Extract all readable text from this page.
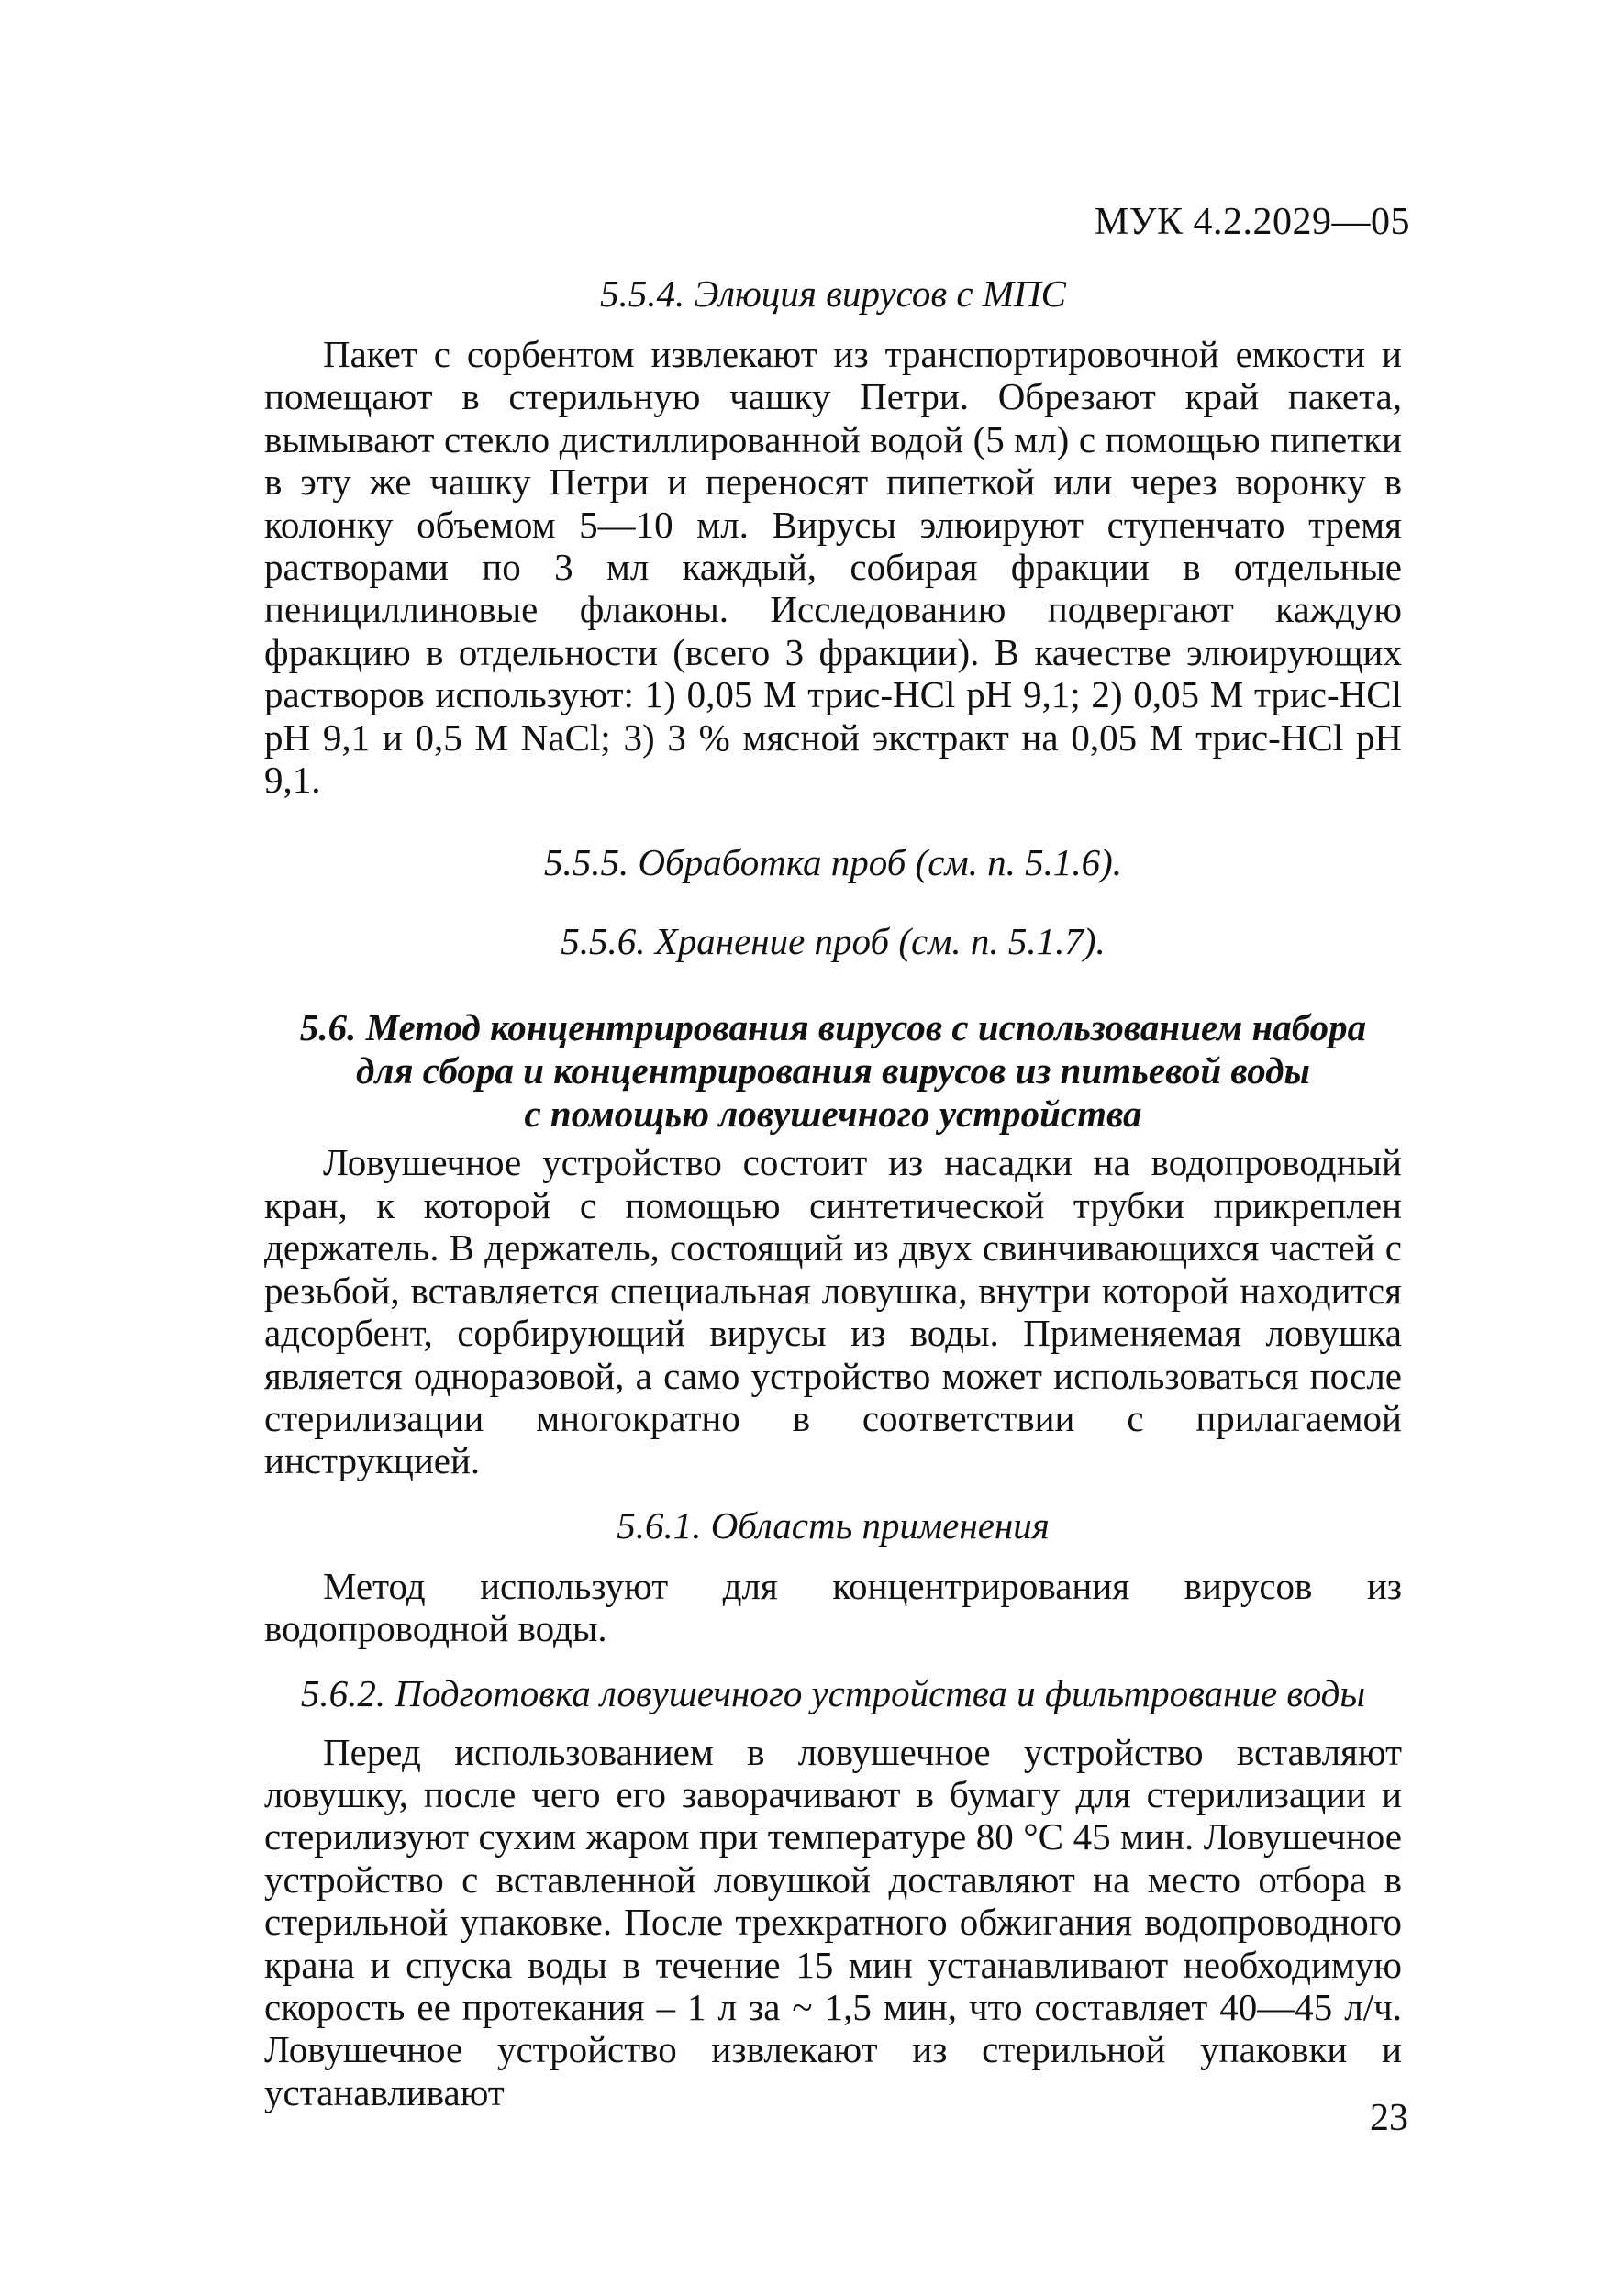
МУК 4.2.2029—05

5.5.4. Элюция вирусов с МПС

Пакет с сорбентом извлекают из транспортировочной емкости и помещают в стерильную чашку Петри. Обрезают край пакета, вымывают стекло дистиллированной водой (5 мл) с помощью пипетки в эту же чашку Петри и переносят пипеткой или через воронку в колонку объемом 5—10 мл. Вирусы элюируют ступенчато тремя растворами по 3 мл каждый, собирая фракции в отдельные пенициллиновые флаконы. Исследованию подвергают каждую фракцию в отдельности (всего 3 фракции). В качестве элюирующих растворов используют: 1) 0,05 М трис-HCl pH 9,1; 2) 0,05 М трис-HCl pH 9,1 и 0,5 М NaCl; 3) 3 % мясной экстракт на 0,05 М трис-HCl pH 9,1.

5.5.5. Обработка проб (см. п. 5.1.6).

5.5.6. Хранение проб (см. п. 5.1.7).

5.6. Метод концентрирования вирусов с использованием набора

для сбора и концентрирования вирусов из питьевой воды

с помощью ловушечного устройства

Ловушечное устройство состоит из насадки на водопроводный кран, к которой с помощью синтетической трубки прикреплен держатель. В держатель, состоящий из двух свинчивающихся частей с резьбой, вставляется специальная ловушка, внутри которой находится адсорбент, сорбирующий вирусы из воды. Применяемая ловушка является одноразовой, а само устройство может использоваться после стерилизации многократно в соответствии с прилагаемой инструкцией.

5.6.1. Область применения

Метод используют для концентрирования вирусов из водопроводной воды.

5.6.2. Подготовка ловушечного устройства и фильтрование воды

Перед использованием в ловушечное устройство вставляют ловушку, после чего его заворачивают в бумагу для стерилизации и стерилизуют сухим жаром при температуре 80 °С 45 мин. Ловушечное устройство с вставленной ловушкой доставляют на место отбора в стерильной упаковке. После трехкратного обжигания водопроводного крана и спуска воды в течение 15 мин устанавливают необходимую скорость ее протекания – 1 л за ~ 1,5 мин, что составляет 40—45 л/ч. Ловушечное устройство извлекают из стерильной упаковки и устанавливают

23
